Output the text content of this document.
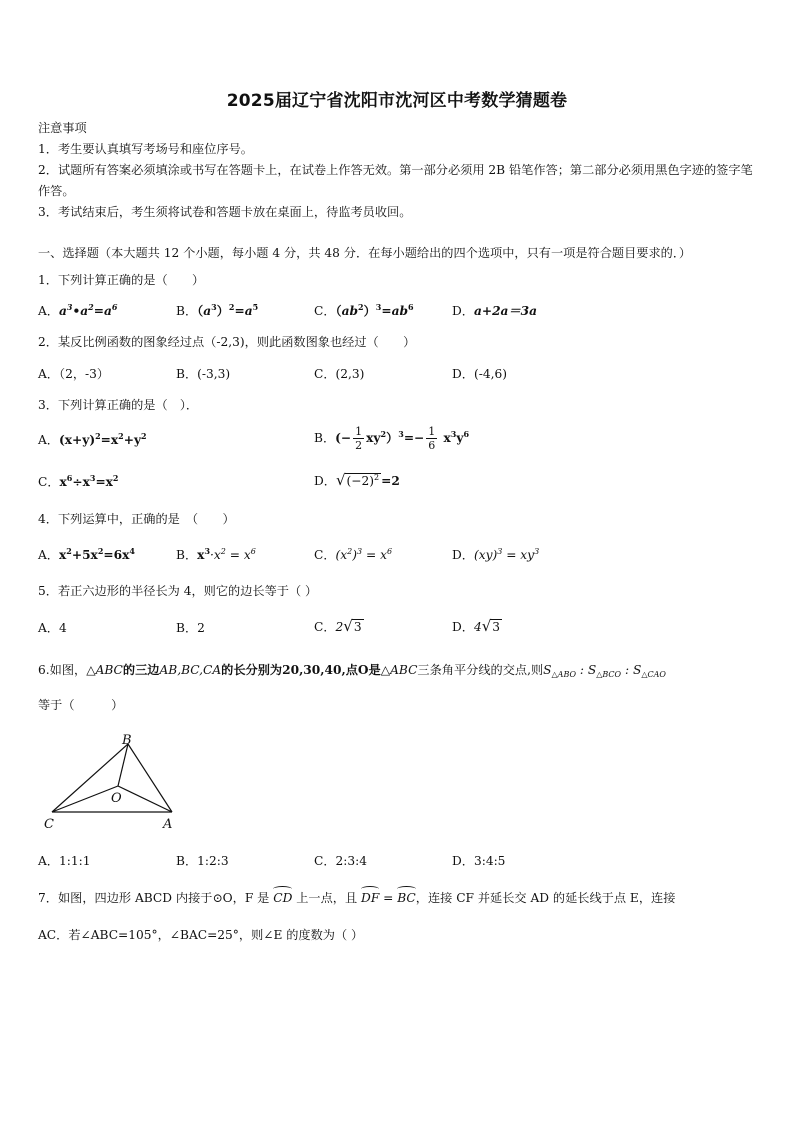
2025届辽宁省沈阳市沈河区中考数学猜题卷
注意事项
1．考生要认真填写考场号和座位序号。
2．试题所有答案必须填涂或书写在答题卡上，在试卷上作答无效。第一部分必须用 2B 铅笔作答；第二部分必须用黑色字迹的签字笔作答。
3．考试结束后，考生须将试卷和答题卡放在桌面上，待监考员收回。
一、选择题（本大题共 12 个小题，每小题 4 分，共 48 分．在每小题给出的四个选项中，只有一项是符合题目要求的．）
1．下列计算正确的是（　　）
A．$a^3•a^2=a^6$	B．$(a^3)^2=a^5$	C．$(ab^2)^3=ab^6$	D．a+2a＝3a
2．某反比例函数的图象经过点（-2,3)，则此函数图象也经过（　　）
A．（2，-3）	B．(-3,3)	C．(2,3)	D．(-4,6)
3．下列计算正确的是（　）．
A．$(x+y)^2=x^2+y^2$	B．(− $\frac{1}{2} xy^2)^3=- \frac{1}{6} x^3y^6$
C．$x^6\div x^3=x^2$	D．$√(-2)^2 =2$
4．下列运算中，正确的是　（　　）
A．$x^2+5x^2=6x^4$	B．$x^3\cdot x^2 = x^6$	C．$(x^2)^3 = x^6$	D．$(xy)^3 = xy^3$
5．若正六边形的半径长为 4，则它的边长等于（ ）
A．4	B．2	C．2√3	D．4√3
6.如图，△ABC的三边AB,BC,CA的长分别为20,30,40,点O是△ABC三条角平分线的交点,则$S_{\triangle ABO}$ : $S_{\triangle BCO}$ : $S_{\triangle CAO}$
等于（　　　）
B
O
C	A
A．1:1:1	B．1:2:3	C．2:3:4	D．3:4:5
7．如图，四边形 ABCD 内接于⊙O，F 是 CD 上一点，且 DF = BC，连接 CF 并延长交 AD 的延长线于点 E，连接
AC．若∠ABC=105°，∠BAC=25°，则∠E 的度数为（ ）
